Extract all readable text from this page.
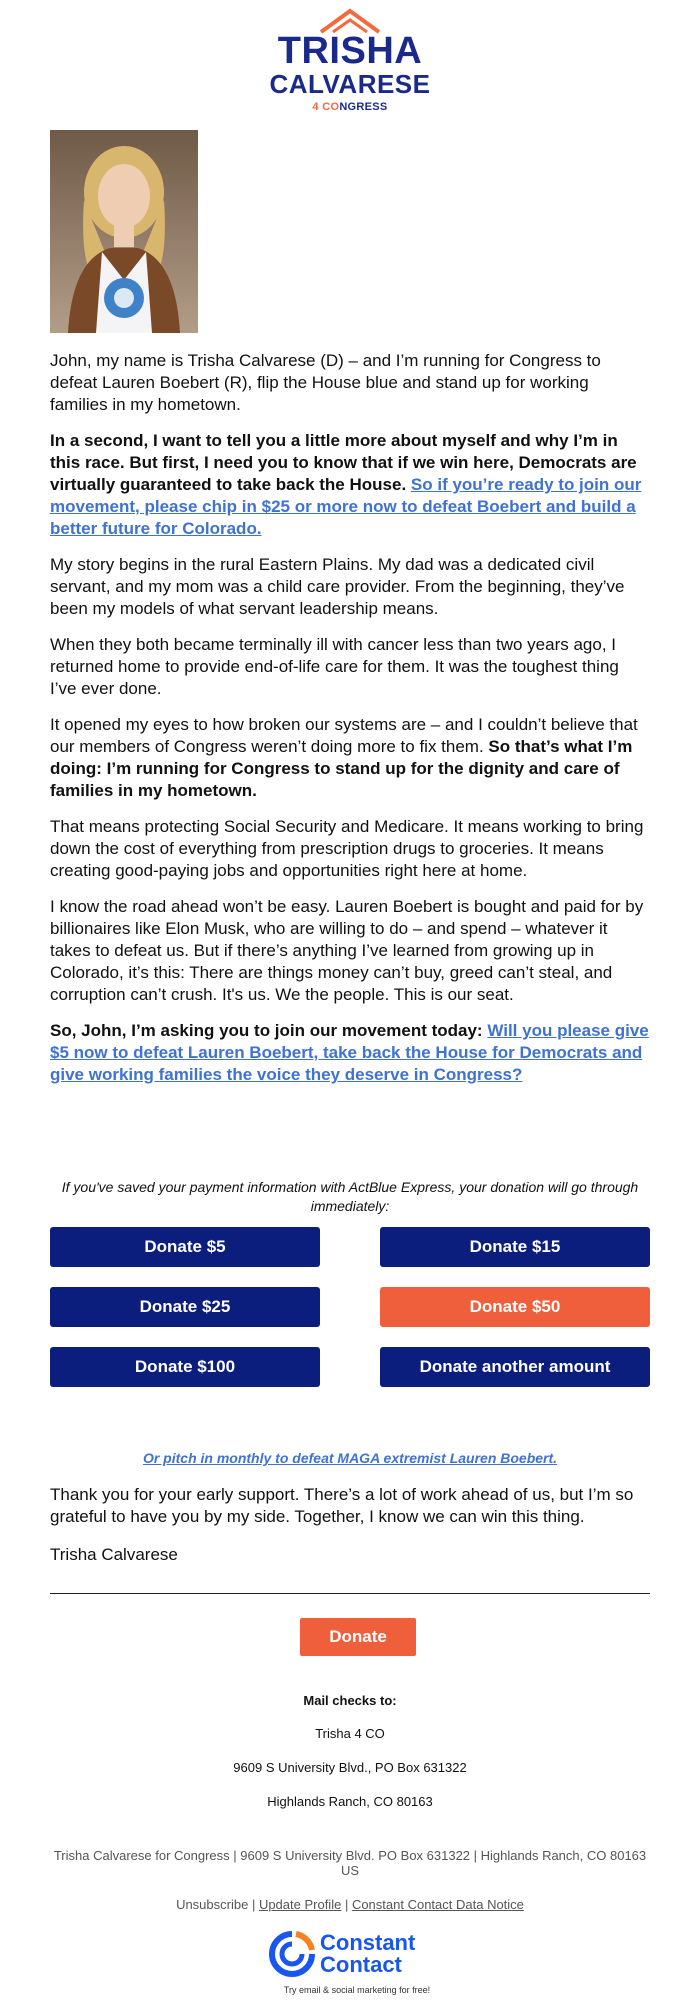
TRISHA
CALVARESE
4 CONGRESS

John, my name is Trisha Calvarese (D) – and I’m running for Congress to defeat Lauren Boebert (R), flip the House blue and stand up for working families in my hometown.

In a second, I want to tell you a little more about myself and why I’m in this race. But first, I need you to know that if we win here, Democrats are virtually guaranteed to take back the House. So if you’re ready to join our movement, please chip in $25 or more now to defeat Boebert and build a better future for Colorado.

My story begins in the rural Eastern Plains. My dad was a dedicated civil servant, and my mom was a child care provider. From the beginning, they’ve been my models of what servant leadership means.

When they both became terminally ill with cancer less than two years ago, I returned home to provide end-of-life care for them. It was the toughest thing I’ve ever done.

It opened my eyes to how broken our systems are – and I couldn’t believe that our members of Congress weren’t doing more to fix them. So that’s what I’m doing: I’m running for Congress to stand up for the dignity and care of families in my hometown.

That means protecting Social Security and Medicare. It means working to bring down the cost of everything from prescription drugs to groceries. It means creating good-paying jobs and opportunities right here at home.

I know the road ahead won’t be easy. Lauren Boebert is bought and paid for by billionaires like Elon Musk, who are willing to do – and spend – whatever it takes to defeat us. But if there’s anything I’ve learned from growing up in Colorado, it’s this: There are things money can’t buy, greed can’t steal, and corruption can’t crush. It's us. We the people. This is our seat.

So, John, I’m asking you to join our movement today: Will you please give $5 now to defeat Lauren Boebert, take back the House for Democrats and give working families the voice they deserve in Congress?

If you've saved your payment information with ActBlue Express, your donation will go through immediately:
Donate $5	Donate $15
Donate $25	Donate $50
Donate $100	Donate another amount
Or pitch in monthly to defeat MAGA extremist Lauren Boebert.

Thank you for your early support. There’s a lot of work ahead of us, but I’m so grateful to have you by my side. Together, I know we can win this thing.

Trisha Calvarese

Donate
Mail checks to:
Trisha 4 CO
9609 S University Blvd., PO Box 631322
Highlands Ranch, CO 80163
Trisha Calvarese for Congress | 9609 S University Blvd. PO Box 631322 | Highlands Ranch, CO 80163 US
Unsubscribe | Update Profile | Constant Contact Data Notice
Constant
Contact
Try email & social marketing for free!
